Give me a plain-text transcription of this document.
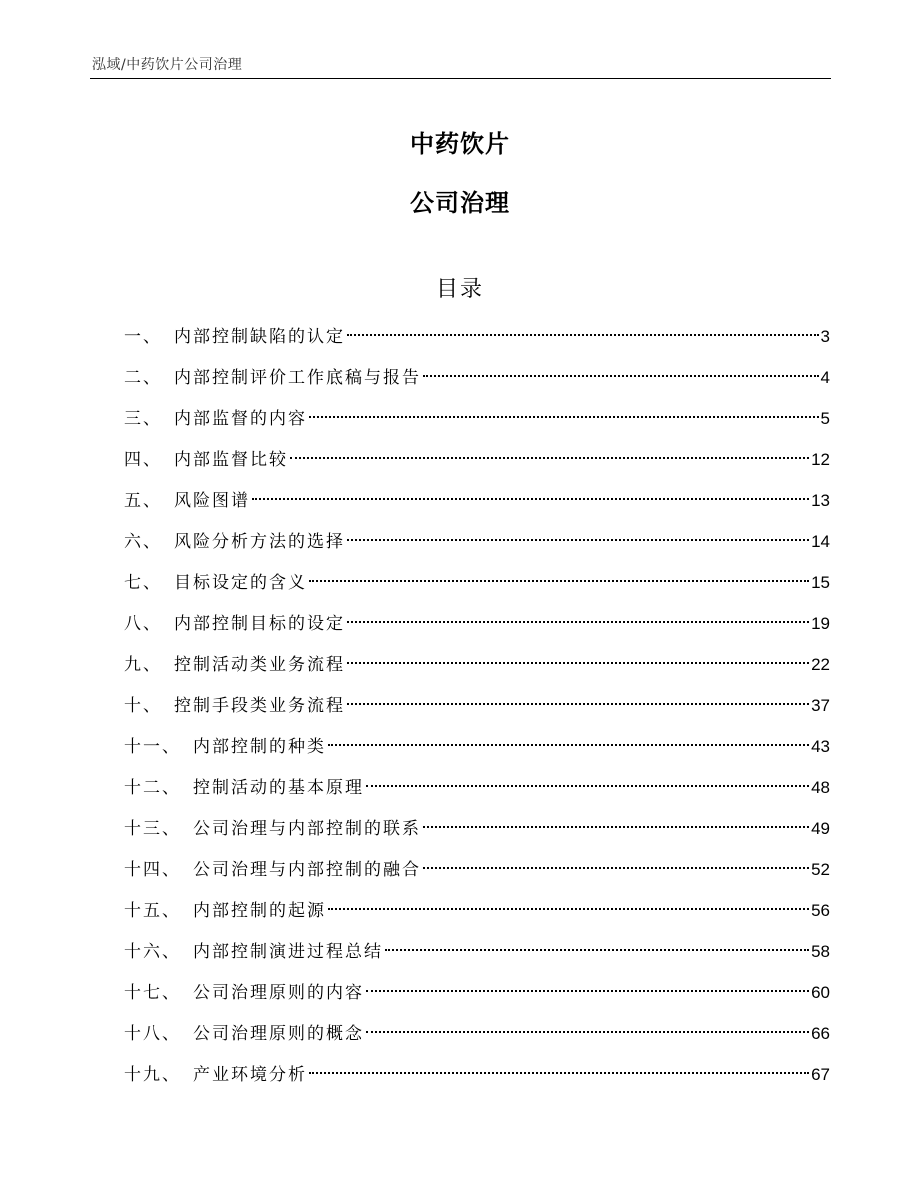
泓域/中药饮片公司治理
中药饮片
公司治理
目录
一、 内部控制缺陷的认定	3
二、 内部控制评价工作底稿与报告	4
三、 内部监督的内容	5
四、 内部监督比较	12
五、 风险图谱	13
六、 风险分析方法的选择	14
七、 目标设定的含义	15
八、 内部控制目标的设定	19
九、 控制活动类业务流程	22
十、 控制手段类业务流程	37
十一、 内部控制的种类	43
十二、 控制活动的基本原理	48
十三、 公司治理与内部控制的联系	49
十四、 公司治理与内部控制的融合	52
十五、 内部控制的起源	56
十六、 内部控制演进过程总结	58
十七、 公司治理原则的内容	60
十八、 公司治理原则的概念	66
十九、 产业环境分析	67
